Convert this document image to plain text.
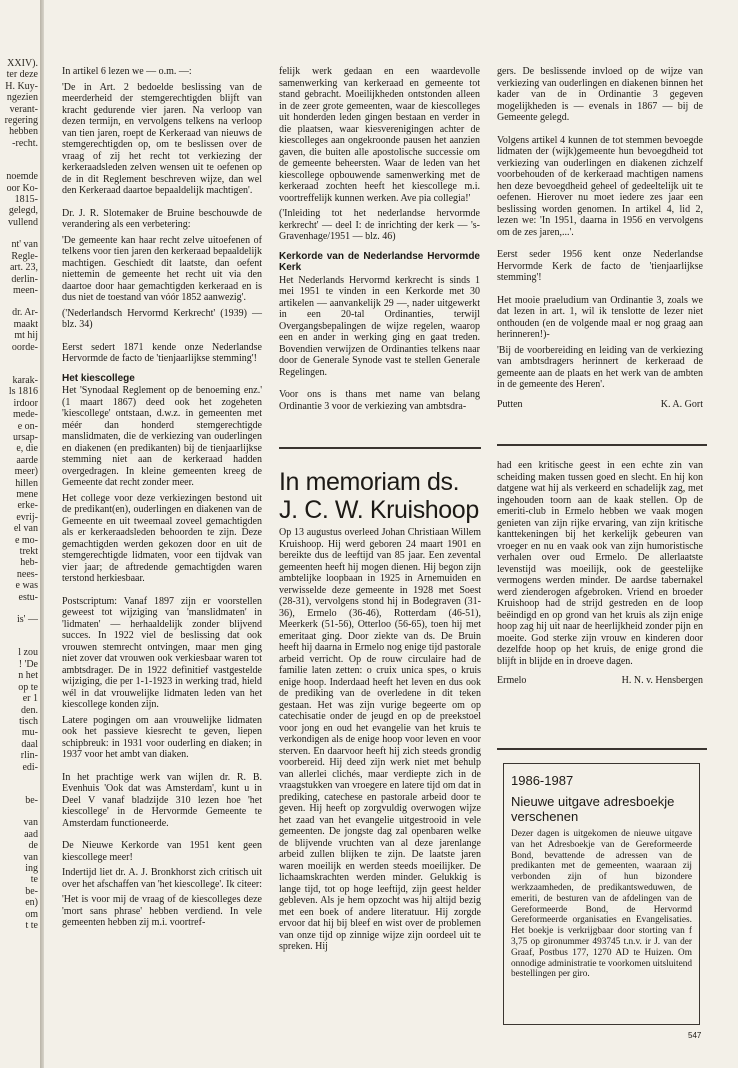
XXIV).
ter deze
H. Kuy-
ngezien
verant-
regering
hebben
-recht.
noemde
oor Ko-
1815-
gelegd,
vullend
nt' van
Regle-
art. 23,
derlin-
meen-
dr. Ar-
maakt
mt hij
oorde-
karak-
ls 1816
irdoor
mede-
e on-
ursap-
e, die
aarde
meer)
hillen
mene
erke-
evrij-
el van
e mo-
trekt
heb-
nees-
e was
estu-
is' —
l zou
! 'De
n het
op te
er 1
den.
tisch
mu-
daal
rlin-
edi-
be-
van
aad
de
van
ing
te
be-
en)
om
t te

In artikel 6 lezen we — o.m. —:

'De in Art. 2 bedoelde beslissing van de meerderheid der stemgerechtigden blijft van kracht gedurende vier jaren. Na verloop van dezen termijn, en vervolgens telkens na verloop van tien jaren, roept de Kerkeraad van nieuws de stemgerechtigden op, om te beslissen over de vraag of zij het recht tot verkiezing der kerkeraadsleden zelven wensen uit te oefenen op de in dit Reglement beschreven wijze, dan wel den Kerkeraad daartoe bepaaldelijk machtigen'.

Dr. J. R. Slotemaker de Bruine beschouwde de verandering als een verbetering:

'De gemeente kan haar recht zelve uitoefenen of telkens voor tien jaren den kerkeraad bepaaldelijk machtigen. Geschiedt dit laatste, dan oefent niettemin de gemeente het recht uit via den daartoe door haar gemachtigden kerkeraad en is dus niet de toestand van vóór 1852 aanwezig'.

('Nederlandsch Hervormd Kerkrecht' (1939) — blz. 34)

Eerst sedert 1871 kende onze Nederlandse Hervormde de facto de 'tienjaarlijkse stemming'!

Het kiescollege

Het 'Synodaal Reglement op de benoeming enz.' (1 maart 1867) deed ook het zogeheten 'kiescollege' ontstaan, d.w.z. in gemeenten met méér dan honderd stemgerechtigde manslidmaten, die de verkiezing van ouderlingen en diakenen (en predikanten) bij de tienjaarlijkse stemming niet aan de kerkeraad hadden overgedragen. In kleine gemeenten kreeg de Gemeente dat recht zonder meer.

Het college voor deze verkiezingen bestond uit de predikant(en), ouderlingen en diakenen van de Gemeente en uit tweemaal zoveel gemachtigden als er kerkeraadsleden behoorden te zijn. Deze gemachtigden werden gekozen door en uit de stemgerechtigde lidmaten, voor een tijdvak van vier jaar; de aftredende gemachtigden waren terstond herkiesbaar.

Postscriptum: Vanaf 1897 zijn er voorstellen geweest tot wijziging van 'manslidmaten' in 'lidmaten' — herhaaldelijk zonder blijvend succes. In 1922 viel de beslissing dat ook vrouwen stemrecht ontvingen, maar men ging niet zover dat vrouwen ook verkiesbaar waren tot ambtsdrager. De in 1922 definitief vastgestelde wijziging, die per 1-1-1923 in werking trad, hield wél in dat vrouwelijke lidmaten leden van het kiescollege konden zijn.

Latere pogingen om aan vrouwelijke lidmaten ook het passieve kiesrecht te geven, liepen schipbreuk: in 1931 voor ouderling en diaken; in 1937 voor het ambt van diaken.

In het prachtige werk van wijlen dr. R. B. Evenhuis 'Ook dat was Amsterdam', kunt u in Deel V vanaf bladzijde 310 lezen hoe 'het kiescollege' in de Hervormde Gemeente te Amsterdam functioneerde.

De Nieuwe Kerkorde van 1951 kent geen kiescollege meer!

Indertijd liet dr. A. J. Bronkhorst zich critisch uit over het afschaffen van 'het kiescollege'. Ik citeer:

'Het is voor mij de vraag of de kiescolleges deze 'mort sans phrase' hebben verdiend. In vele gemeenten hebben zij m.i. voortref-

felijk werk gedaan en een waardevolle samenwerking van kerkeraad en gemeente tot stand gebracht. Moeilijkheden ontstonden alleen in de zeer grote gemeenten, waar de kiescolleges uit honderden leden gingen bestaan en verder in die plaatsen, waar kiesverenigingen achter de kiescolleges aan ongekroonde pausen het aanzien gaven, die buiten alle apostolische successie om de gemeente beheersten. Waar de leden van het kiescollege opbouwende samenwerking met de kerkeraad zochten heeft het kiescollege m.i. voortreffelijk kunnen werken. Ave pia collegia!'

('Inleiding tot het nederlandse hervormde kerkrecht' — deel I: de inrichting der kerk — 's-Gravenhage/1951 — blz. 46)

Kerkorde van de Nederlandse Hervormde Kerk

Het Nederlands Hervormd kerkrecht is sinds 1 mei 1951 te vinden in een Kerkorde met 30 artikelen — aanvankelijk 29 —, nader uitgewerkt in een 20-tal Ordinanties, terwijl Overgangsbepalingen de wijze regelen, waarop een en ander in werking ging en gaat treden. Bovendien verwijzen de Ordinanties telkens naar door de Generale Synode vast te stellen Generale Regelingen.

Voor ons is thans met name van belang Ordinantie 3 voor de verkiezing van ambtsdra-

gers. De beslissende invloed op de wijze van verkiezing van ouderlingen en diakenen binnen het kader van de in Ordinantie 3 gegeven mogelijkheden is — evenals in 1867 — bij de Gemeente gelegd.

Volgens artikel 4 kunnen de tot stemmen bevoegde lidmaten der (wijk)gemeente hun bevoegdheid tot verkiezing van ouderlingen en diakenen zichzelf voorbehouden of de kerkeraad machtigen namens hen deze bevoegdheid geheel of gedeeltelijk uit te oefenen. Hierover nu moet iedere zes jaar een beslissing worden genomen. In artikel 4, lid 2, lezen we: 'In 1951, daarna in 1956 en vervolgens om de zes jaren,...'.

Eerst seder 1956 kent onze Nederlandse Hervormde Kerk de facto de 'tienjaarlijkse stemming'!

Het mooie praeludium van Ordinantie 3, zoals we dat lezen in art. 1, wil ik tenslotte de lezer niet onthouden (en de volgende maal er nog graag aan herinneren!)-

'Bij de voorbereiding en leiding van de verkiezing van ambtsdragers herinnert de kerkeraad de gemeente aan de plaats en het werk van de ambten in de gemeente des Heren'.

Putten	K. A. Gort
In memoriam ds. J. C. W. Kruishoop

Op 13 augustus overleed Johan Christiaan Willem Kruishoop. Hij werd geboren 24 maart 1901 en bereikte dus de leeftijd van 85 jaar. Een zevental gemeenten heeft hij mogen dienen. Hij begon zijn ambtelijke loopbaan in 1925 in Arnemuiden en verwisselde deze gemeente in 1928 met Soest (28-31), vervolgens stond hij in Bodegraven (31-36), Ermelo (36-46), Rotterdam (46-51), Meerkerk (51-56), Otterloo (56-65), toen hij met emeritaat ging. Door ziekte van ds. De Bruin heeft hij daarna in Ermelo nog enige tijd pastorale arbeid verricht. Op de rouw circulaire had de familie laten zetten: o cruix unica spes, o kruis enige hoop. Inderdaad heeft het leven en dus ook de prediking van de overledene in dit teken gestaan. Het was zijn vurige begeerte om op catechisatie onder de jeugd en op de preekstoel voor jong en oud het evangelie van het kruis te verkondigen als de enige hoop voor leven en voor sterven. En daarvoor heeft hij zich steeds grondig voorbereid. Hij deed zijn werk niet met behulp van allerlei clichés, maar verdiepte zich in de vraagstukken van vroegere en latere tijd om dat in prediking, catechese en pastorale arbeid door te geven. Hij heeft op zorgvuldig overwogen wijze het zaad van het evangelie uitgestrooid in vele gemeenten. De jongste dag zal openbaren welke de blijvende vruchten van al deze jarenlange arbeid zullen blijken te zijn. De laatste jaren waren moeilijk en werden steeds moeilijker. De lichaamskrachten werden minder. Gelukkig is lange tijd, tot op hoge leeftijd, zijn geest helder gebleven. Als je hem opzocht was hij altijd bezig met een boek of andere literatuur. Hij zorgde ervoor dat hij bij bleef en wist over de problemen van onze tijd op zinnige wijze zijn oordeel uit te spreken. Hij

had een kritische geest in een echte zin van scheiding maken tussen goed en slecht. En hij kon datgene wat hij als verkeerd en schadelijk zag, met ingehouden toorn aan de kaak stellen. Op de emeriti-club in Ermelo hebben we vaak mogen genieten van zijn rijke ervaring, van zijn kritische kanttekeningen bij het kerkelijk gebeuren van vroeger en nu en vaak ook van zijn humoristische verhalen over oud Ermelo. De allerlaatste levenstijd was moeilijk, ook de geestelijke vermogens werden minder. De aardse tabernakel werd zienderogen afgebroken. Vriend en broeder Kruishoop had de strijd gestreden en de loop beëindigd en op grond van het kruis als zijn enige hoop zag hij uit naar de heerlijkheid zonder pijn en moeite. God sterke zijn vrouw en kinderen door dezelfde hoop op het kruis, de enige grond die blijft in blijde en in droeve dagen.

Ermelo	H. N. v. Hensbergen
1986-1987
Nieuwe uitgave adresboekje verschenen
Dezer dagen is uitgekomen de nieuwe uitgave van het Adresboekje van de Gereformeerde Bond, bevattende de adressen van de predikanten met de gemeenten, waaraan zij verbonden zijn of hun bizondere werkzaamheden, de predikantsweduwen, de emeriti, de besturen van de afdelingen van de Gereformeerde Bond, de Hervormd Gereformeerde organisaties en Evangelisaties. Het boekje is verkrijgbaar door storting van f 3,75 op gironummer 493745 t.n.v. ir J. van der Graaf, Postbus 177, 1270 AD te Huizen. Om onnodige administratie te voorkomen uitsluitend bestellingen per giro.
547
